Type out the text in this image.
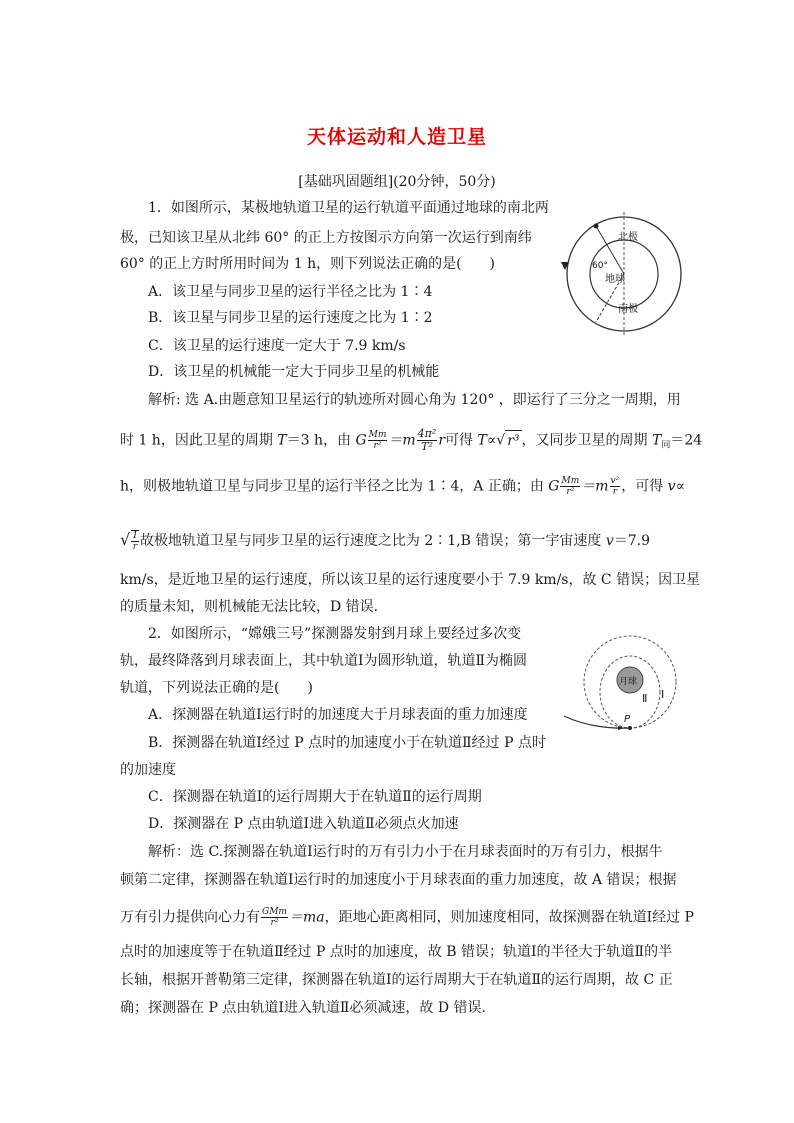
天体运动和人造卫星
[基础巩固题组](20分钟，50分)
1．如图所示，某极地轨道卫星的运行轨道平面通过地球的南北两
极，已知该卫星从北纬 60° 的正上方按图示方向第一次运行到南纬
60° 的正上方时所用时间为 1 h，则下列说法正确的是(　　)
A．该卫星与同步卫星的运行半径之比为 1∶4
B．该卫星与同步卫星的运行速度之比为 1∶2
C．该卫星的运行速度一定大于 7.9 km/s
D．该卫星的机械能一定大于同步卫星的机械能
北极
南极
地球
60°
解析: 选 A.由题意知卫星运行的轨迹所对圆心角为 120° ，即运行了三分之一周期，用
时 1 h，因此卫星的周期 T＝3 h，由 G $\frac{Mm}{\text{r²}} =m \frac{\text{4π²}}{\text{T²}}$ r可得 T∝√ r³ ，又同步卫星的周期 $T_同=24$
h，则极地轨道卫星与同步卫星的运行半径之比为 1∶4，A 正确；由 G $\frac{Mm}{\text{r²}} =m \frac{\text{v²}}{r}$ ，可得 v∝
√ $\frac{1}{r}$ 故极地轨道卫星与同步卫星的运行速度之比为 2∶1,B 错误；第一宇宙速度 v＝7.9
km/s，是近地卫星的运行速度，所以该卫星的运行速度要小于 7.9 km/s，故 C 错误；因卫星
的质量未知，则机械能无法比较，D 错误．
2．如图所示，“嫦娥三号”探测器发射到月球上要经过多次变
轨，最终降落到月球表面上，其中轨道Ⅰ为圆形轨道，轨道Ⅱ为椭圆
轨道，下列说法正确的是(　　)
A．探测器在轨道Ⅰ运行时的加速度大于月球表面的重力加速度
B．探测器在轨道Ⅰ经过 P 点时的加速度小于在轨道Ⅱ经过 P 点时
的加速度
C．探测器在轨道Ⅰ的运行周期大于在轨道Ⅱ的运行周期
D．探测器在 P 点由轨道Ⅰ进入轨道Ⅱ必须点火加速
月球
Ⅱ Ⅰ
P
解析：选 C.探测器在轨道Ⅰ运行时的万有引力小于在月球表面时的万有引力，根据牛
顿第二定律，探测器在轨道Ⅰ运行时的加速度小于月球表面的重力加速度，故 A 错误；根据
万有引力提供向心力有 $\frac{\text{GMm}}{\text{r²}} =ma$，距地心距离相同，则加速度相同，故探测器在轨道Ⅰ经过 P
点时的加速度等于在轨道Ⅱ经过 P 点时的加速度，故 B 错误；轨道Ⅰ的半径大于轨道Ⅱ的半
长轴，根据开普勒第三定律，探测器在轨道Ⅰ的运行周期大于在轨道Ⅱ的运行周期，故 C 正
确；探测器在 P 点由轨道Ⅰ进入轨道Ⅱ必须减速，故 D 错误．
